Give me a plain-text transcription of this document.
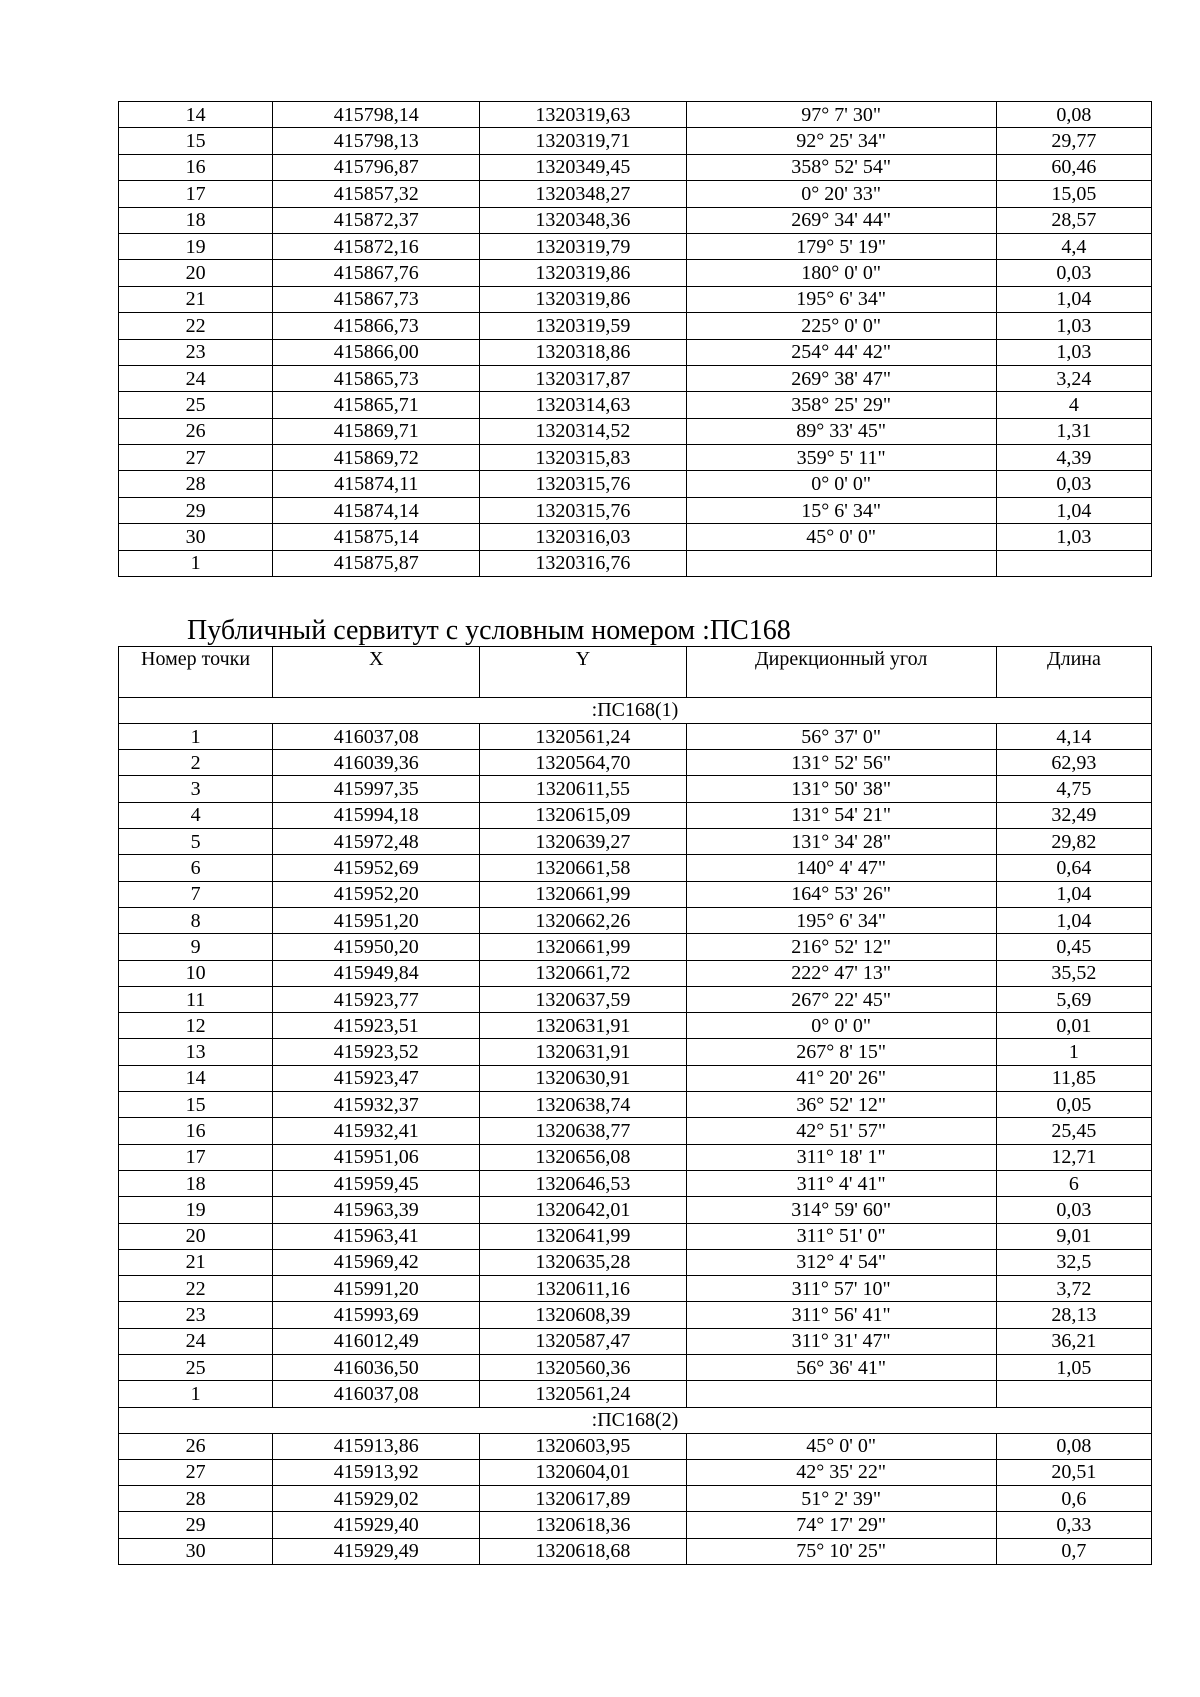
14	415798,14	1320319,63	97° 7' 30"	0,08
15	415798,13	1320319,71	92° 25' 34"	29,77
16	415796,87	1320349,45	358° 52' 54"	60,46
17	415857,32	1320348,27	0° 20' 33"	15,05
18	415872,37	1320348,36	269° 34' 44"	28,57
19	415872,16	1320319,79	179° 5' 19"	4,4
20	415867,76	1320319,86	180° 0' 0"	0,03
21	415867,73	1320319,86	195° 6' 34"	1,04
22	415866,73	1320319,59	225° 0' 0"	1,03
23	415866,00	1320318,86	254° 44' 42"	1,03
24	415865,73	1320317,87	269° 38' 47"	3,24
25	415865,71	1320314,63	358° 25' 29"	4
26	415869,71	1320314,52	89° 33' 45"	1,31
27	415869,72	1320315,83	359° 5' 11"	4,39
28	415874,11	1320315,76	0° 0' 0"	0,03
29	415874,14	1320315,76	15° 6' 34"	1,04
30	415875,14	1320316,03	45° 0' 0"	1,03
1	415875,87	1320316,76		
Публичный сервитут с условным номером :ПС168
Номер точки	X	Y	Дирекционный угол	Длина
:ПС168(1)				
1	416037,08	1320561,24	56° 37' 0"	4,14
2	416039,36	1320564,70	131° 52' 56"	62,93
3	415997,35	1320611,55	131° 50' 38"	4,75
4	415994,18	1320615,09	131° 54' 21"	32,49
5	415972,48	1320639,27	131° 34' 28"	29,82
6	415952,69	1320661,58	140° 4' 47"	0,64
7	415952,20	1320661,99	164° 53' 26"	1,04
8	415951,20	1320662,26	195° 6' 34"	1,04
9	415950,20	1320661,99	216° 52' 12"	0,45
10	415949,84	1320661,72	222° 47' 13"	35,52
11	415923,77	1320637,59	267° 22' 45"	5,69
12	415923,51	1320631,91	0° 0' 0"	0,01
13	415923,52	1320631,91	267° 8' 15"	1
14	415923,47	1320630,91	41° 20' 26"	11,85
15	415932,37	1320638,74	36° 52' 12"	0,05
16	415932,41	1320638,77	42° 51' 57"	25,45
17	415951,06	1320656,08	311° 18' 1"	12,71
18	415959,45	1320646,53	311° 4' 41"	6
19	415963,39	1320642,01	314° 59' 60"	0,03
20	415963,41	1320641,99	311° 51' 0"	9,01
21	415969,42	1320635,28	312° 4' 54"	32,5
22	415991,20	1320611,16	311° 57' 10"	3,72
23	415993,69	1320608,39	311° 56' 41"	28,13
24	416012,49	1320587,47	311° 31' 47"	36,21
25	416036,50	1320560,36	56° 36' 41"	1,05
1	416037,08	1320561,24		
:ПС168(2)				
26	415913,86	1320603,95	45° 0' 0"	0,08
27	415913,92	1320604,01	42° 35' 22"	20,51
28	415929,02	1320617,89	51° 2' 39"	0,6
29	415929,40	1320618,36	74° 17' 29"	0,33
30	415929,49	1320618,68	75° 10' 25"	0,7
